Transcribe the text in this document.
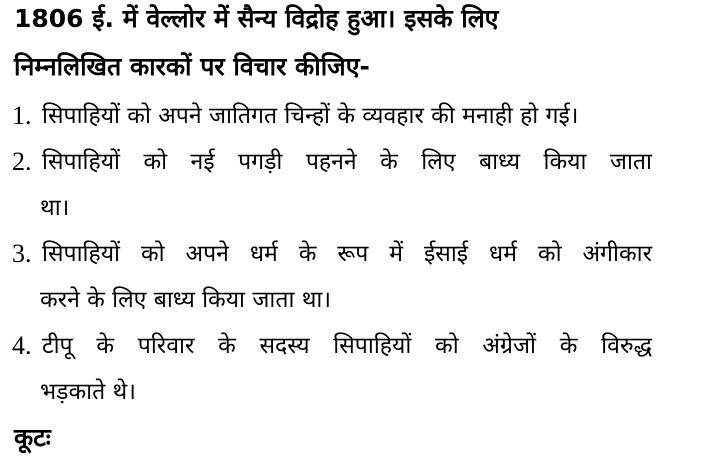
1806 ई. में वेल्लोर में सैन्य विद्रोह हुआ। इसके लिए
निम्नलिखित कारकों पर विचार कीजिए-
1. सिपाहियों को अपने जातिगत चिन्हों के व्यवहार की मनाही हो गई।
2. सिपाहियों को नई पगड़ी पहनने के लिए बाध्य किया जाता
था।
3. सिपाहियों को अपने धर्म के रूप में ईसाई धर्म को अंगीकार
करने के लिए बाध्य किया जाता था।
4. टीपू के परिवार के सदस्य सिपाहियों को अंग्रेजों के विरुद्ध
भड़काते थे।
कूटः
